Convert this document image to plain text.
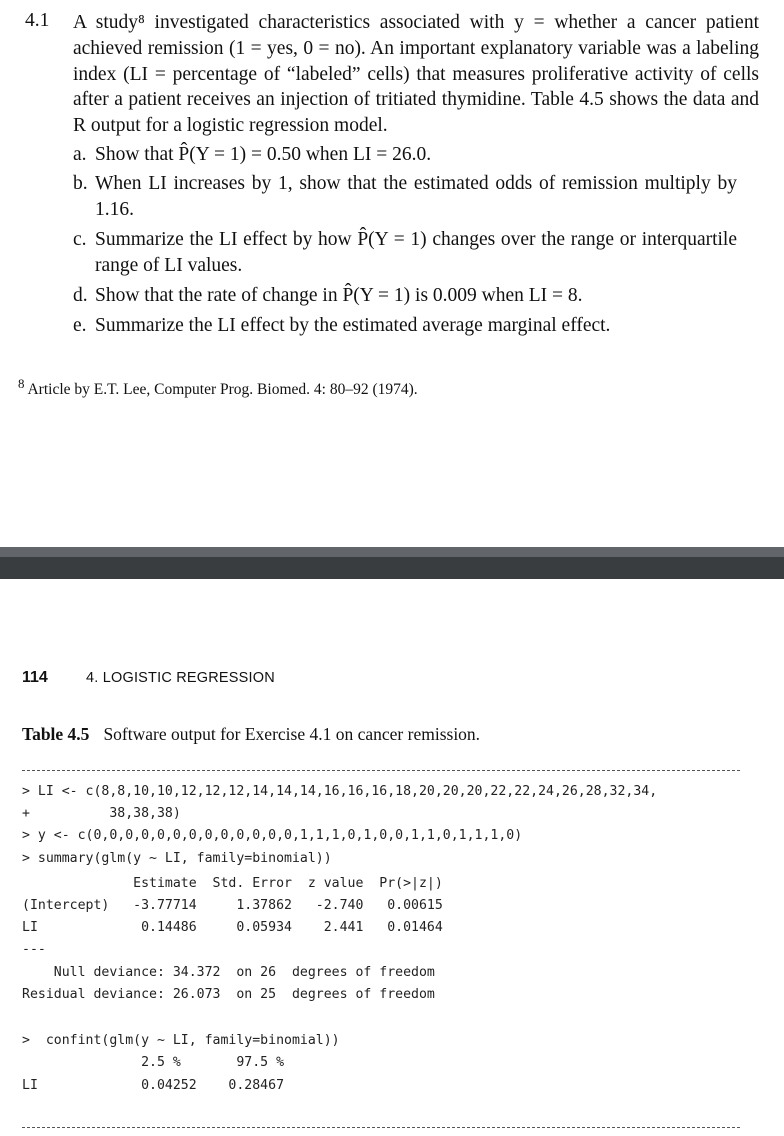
4.1 A study⁸ investigated characteristics associated with y = whether a cancer patient achieved remission (1 = yes, 0 = no). An important explanatory variable was a labeling index (LI = percentage of “labeled” cells) that measures proliferative activity of cells after a patient receives an injection of tritiated thymidine. Table 4.5 shows the data and R output for a logistic regression model.

a. Show that P̂(Y = 1) = 0.50 when LI = 26.0.
b. When LI increases by 1, show that the estimated odds of remission multiply by 1.16.
c. Summarize the LI effect by how P̂(Y = 1) changes over the range or interquartile range of LI values.
d. Show that the rate of change in P̂(Y = 1) is 0.009 when LI = 8.
e. Summarize the LI effect by the estimated average marginal effect.
$^8$ Article by E.T. Lee, Computer Prog. Biomed. 4: 80–92 (1974).
114	4. LOGISTIC REGRESSION
Table 4.5 Software output for Exercise 4.1 on cancer remission.
> LI <- c(8,8,10,10,12,12,12,14,14,14,16,16,16,18,20,20,20,22,22,24,26,28,32,34,
+          38,38,38)
> y <- c(0,0,0,0,0,0,0,0,0,0,0,0,0,1,1,1,0,1,0,0,1,1,0,1,1,1,0)
> summary(glm(y ~ LI, family=binomial))
Estimate  Std. Error  z value  Pr(>|z|)
(Intercept)   -3.77714     1.37862   -2.740   0.00615
LI             0.14486     0.05934    2.441   0.01464
---
Null deviance: 34.372  on 26  degrees of freedom
Residual deviance: 26.073  on 25  degrees of freedom
>  confint(glm(y ~ LI, family=binomial))
2.5 %       97.5 %
LI             0.04252    0.28467
